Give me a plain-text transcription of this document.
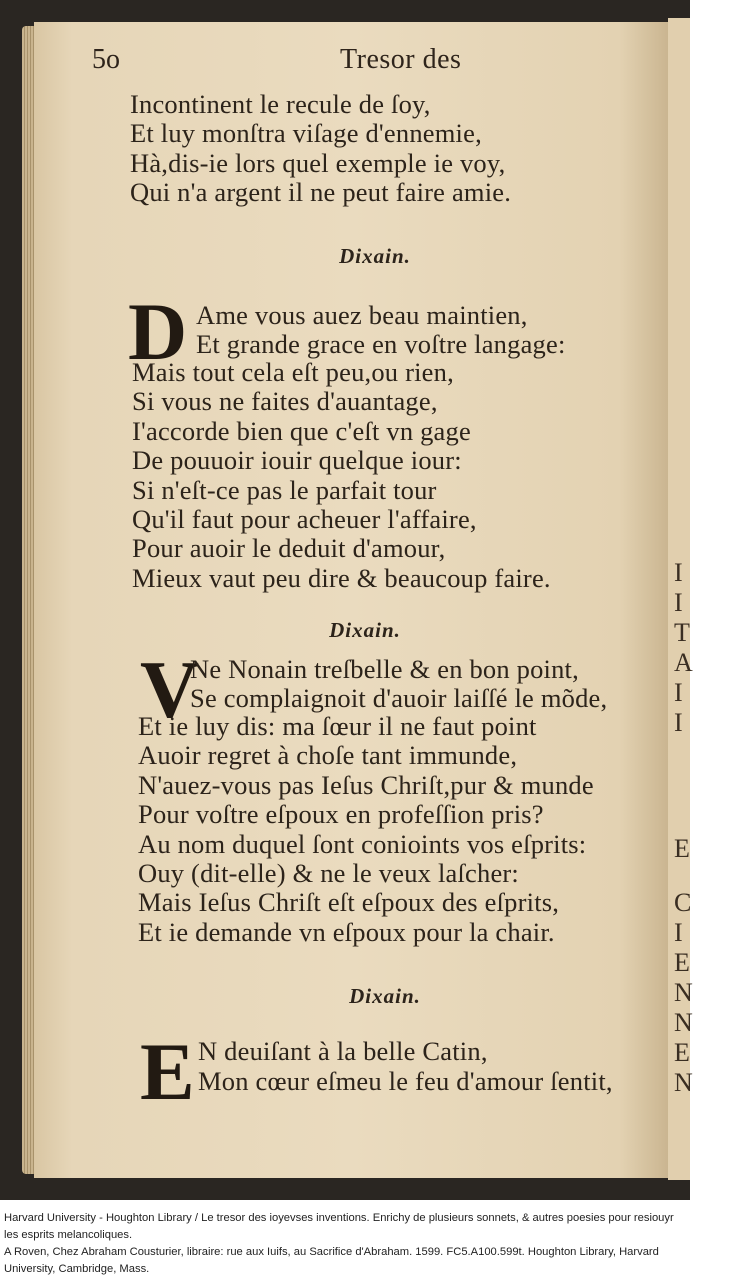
I
I
T
A
I
I
E
C
I
E
N
N
E
N
5o	Tresor des
Incontinent le recule de ſoy,
Et luy monſtra viſage d'ennemie,
Hà,dis-ie lors quel exemple ie voy,
Qui n'a argent il ne peut faire amie.
Dixain.
D Ame vous auez beau maintien,
Et grande grace en voſtre langage:
Mais tout cela eſt peu,ou rien,
Si vous ne faites d'auantage,
I'accorde bien que c'eſt vn gage
De pouuoir iouir quelque iour:
Si n'eſt-ce pas le parfait tour
Qu'il faut pour acheuer l'affaire,
Pour auoir le deduit d'amour,
Mieux vaut peu dire & beaucoup faire.
Dixain.
V
Ne Nonain treſbelle & en bon point,
Se complaignoit d'auoir laiſſé le mõde,
Et ie luy dis: ma ſœur il ne faut point
Auoir regret à choſe tant immunde,
N'auez-vous pas Ieſus Chriſt,pur & munde
Pour voſtre eſpoux en profeſſion pris?
Au nom duquel ſont conioints vos eſprits:
Ouy (dit-elle) & ne le veux laſcher:
Mais Ieſus Chriſt eſt eſpoux des eſprits,
Et ie demande vn eſpoux pour la chair.
Dixain.
E N deuiſant à la belle Catin,
Mon cœur eſmeu le feu d'amour ſentit,
Harvard University - Houghton Library / Le tresor des ioyevses inventions. Enrichy de plusieurs sonnets, & autres poesies pour resiouyr les esprits melancoliques.
A Roven, Chez Abraham Cousturier, libraire: rue aux Iuifs, au Sacrifice d'Abraham. 1599. FC5.A100.599t. Houghton Library, Harvard University, Cambridge, Mass.
